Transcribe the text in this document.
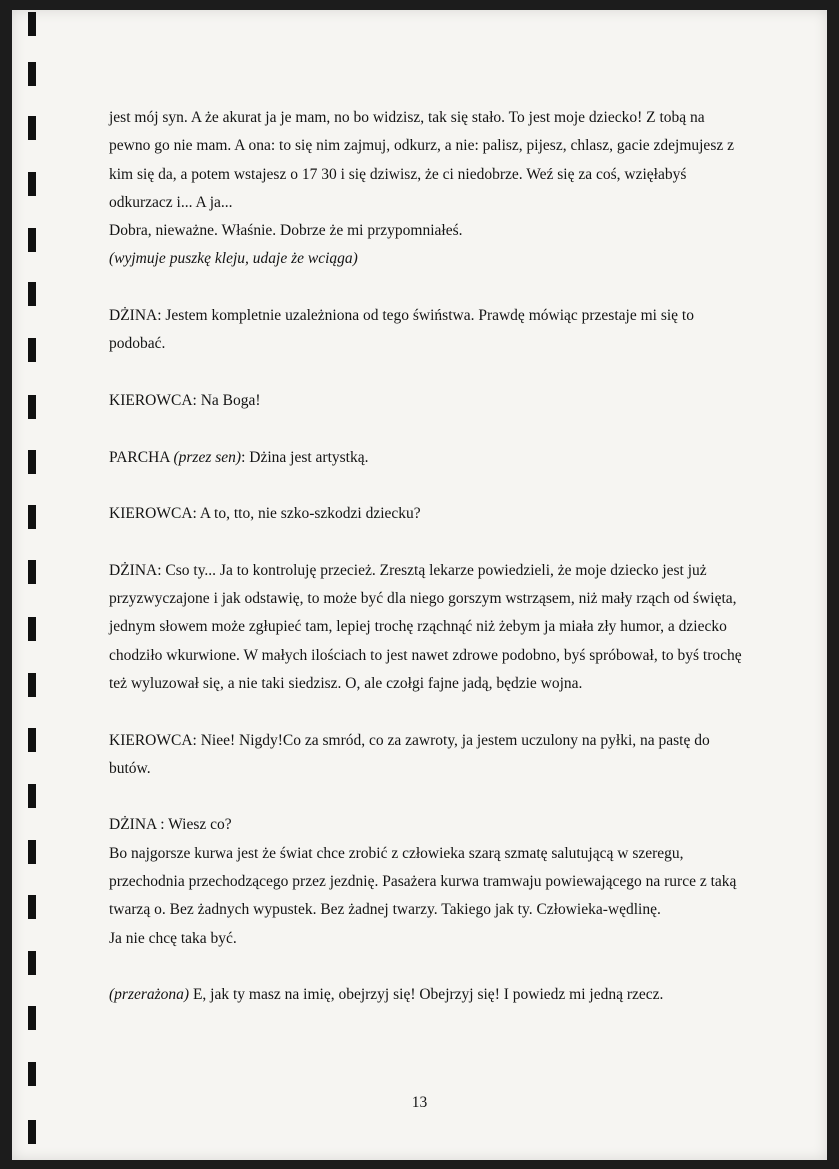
jest mój syn. A że akurat ja je mam, no bo widzisz, tak się stało. To jest moje dziecko! Z tobą na pewno go nie mam. A ona: to się nim zajmuj, odkurz, a nie: palisz, pijesz, chlasz, gacie zdejmujesz z kim się da, a potem wstajesz o 17 30 i się dziwisz, że ci niedobrze. Weź się za coś, wzięłabyś odkurzacz i... A ja...

Dobra, nieważne. Właśnie. Dobrze że mi przypomniałeś.

(wyjmuje puszkę kleju, udaje że wciąga)

DŻINA: Jestem kompletnie uzależniona od tego świństwa. Prawdę mówiąc przestaje mi się to podobać.

KIEROWCA: Na Boga!

PARCHA (przez sen): Dżina jest artystką.

KIEROWCA: A to, tto, nie szko-szkodzi dziecku?

DŻINA: Cso ty... Ja to kontroluję przecież. Zresztą lekarze powiedzieli, że moje dziecko jest już przyzwyczajone i jak odstawię, to może być dla niego gorszym wstrząsem, niż mały rząch od święta, jednym słowem może zgłupieć tam, lepiej trochę rząchnąć niż żebym ja miała zły humor, a dziecko chodziło wkurwione. W małych ilościach to jest nawet zdrowe podobno, byś spróbował, to byś trochę też wyluzował się, a nie taki siedzisz. O, ale czołgi fajne jadą, będzie wojna.

KIEROWCA: Niee! Nigdy!Co za smród, co za zawroty, ja jestem uczulony na pyłki, na pastę do butów.

DŻINA : Wiesz co?

Bo najgorsze kurwa jest że świat chce zrobić z człowieka szarą szmatę salutującą w szeregu, przechodnia przechodzącego przez jezdnię. Pasażera kurwa tramwaju powiewającego na rurce z taką twarzą o. Bez żadnych wypustek. Bez żadnej twarzy. Takiego jak ty. Człowieka-wędlinę.

Ja nie chcę taka być.

(przerażona) E, jak ty masz na imię, obejrzyj się! Obejrzyj się! I powiedz mi jedną rzecz.

13
